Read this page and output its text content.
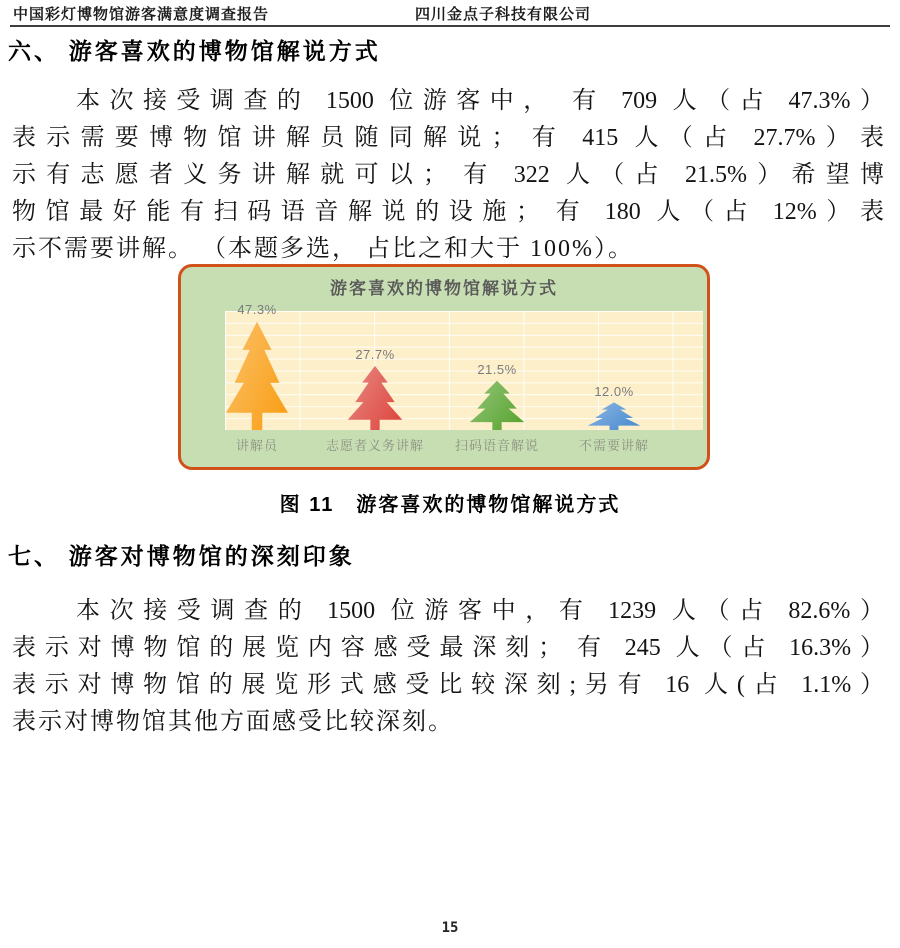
中国彩灯博物馆游客满意度调查报告	四川金点子科技有限公司
六、 游客喜欢的博物馆解说方式
本次接受调查的 1500 位游客中， 有 709 人（占 47.3%）
表示需要博物馆讲解员随同解说； 有 415 人（占 27.7%）表
示有志愿者义务讲解就可以； 有 322 人（占 21.5%）希望博
物馆最好能有扫码语音解说的设施； 有 180 人（占 12%）表
示不需要讲解。 （本题多选， 占比之和大于 100%）。
游客喜欢的博物馆解说方式
47.3%
讲解员
27.7%
志愿者义务讲解
21.5%
扫码语音解说
12.0%
不需要讲解
图 11　游客喜欢的博物馆解说方式
七、 游客对博物馆的深刻印象
本次接受调查的 1500 位游客中，有 1239 人（占 82.6%）
表示对博物馆的展览内容感受最深刻； 有 245 人（占 16.3%）
表示对博物馆的展览形式感受比较深刻;另有 16 人(占 1.1%）
表示对博物馆其他方面感受比较深刻。
15
